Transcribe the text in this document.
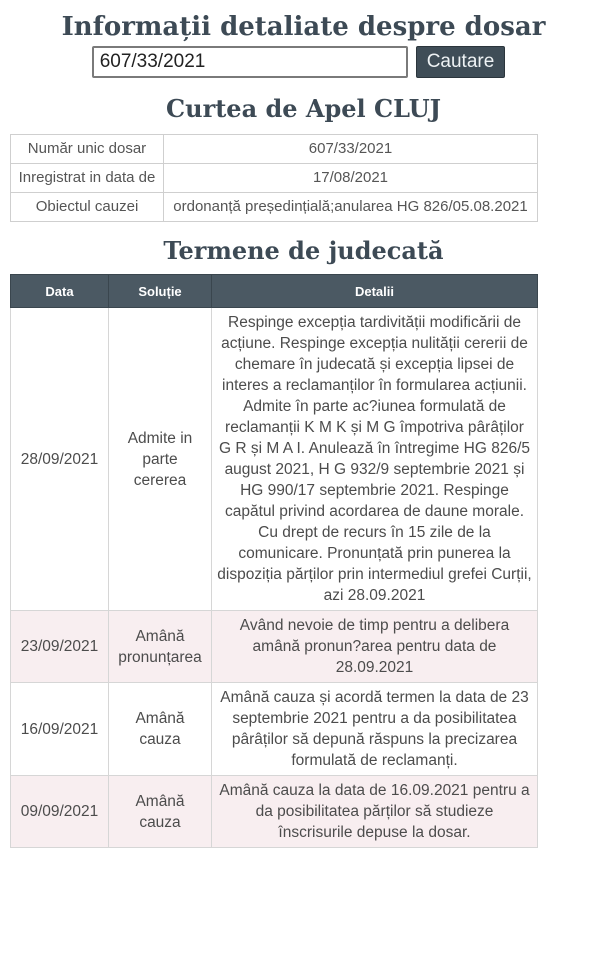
Informații detaliate despre dosar
607/33/2021
Cautare
Curtea de Apel CLUJ
Număr unic dosar	607/33/2021
Inregistrat in data de	17/08/2021
Obiectul cauzei	ordonanță președințială;anularea HG 826/05.08.2021
Termene de judecată
Data	Soluție	Detalii
28/09/2021	Admite in parte cererea	Respinge excepția tardivității modificării de acțiune. Respinge excepția nulității cererii de chemare în judecată și excepția lipsei de interes a reclamanților în formularea acțiunii. Admite în parte ac?iunea formulată de reclamanții K M K și M G împotriva pârâților G R și M A I. Anulează în întregime HG 826/5 august 2021, H G 932/9 septembrie 2021 și HG 990/17 septembrie 2021. Respinge capătul privind acordarea de daune morale. Cu drept de recurs în 15 zile de la comunicare. Pronunțată prin punerea la dispoziția părților prin intermediul grefei Curții, azi 28.09.2021
23/09/2021	Amână pronunțarea	Având nevoie de timp pentru a delibera amână pronun?area pentru data de 28.09.2021
16/09/2021	Amână cauza	Amână cauza și acordă termen la data de 23 septembrie 2021 pentru a da posibilitatea pârâților să depună răspuns la precizarea formulată de reclamanți.
09/09/2021	Amână cauza	Amână cauza la data de 16.09.2021 pentru a da posibilitatea părților să studieze înscrisurile depuse la dosar.
